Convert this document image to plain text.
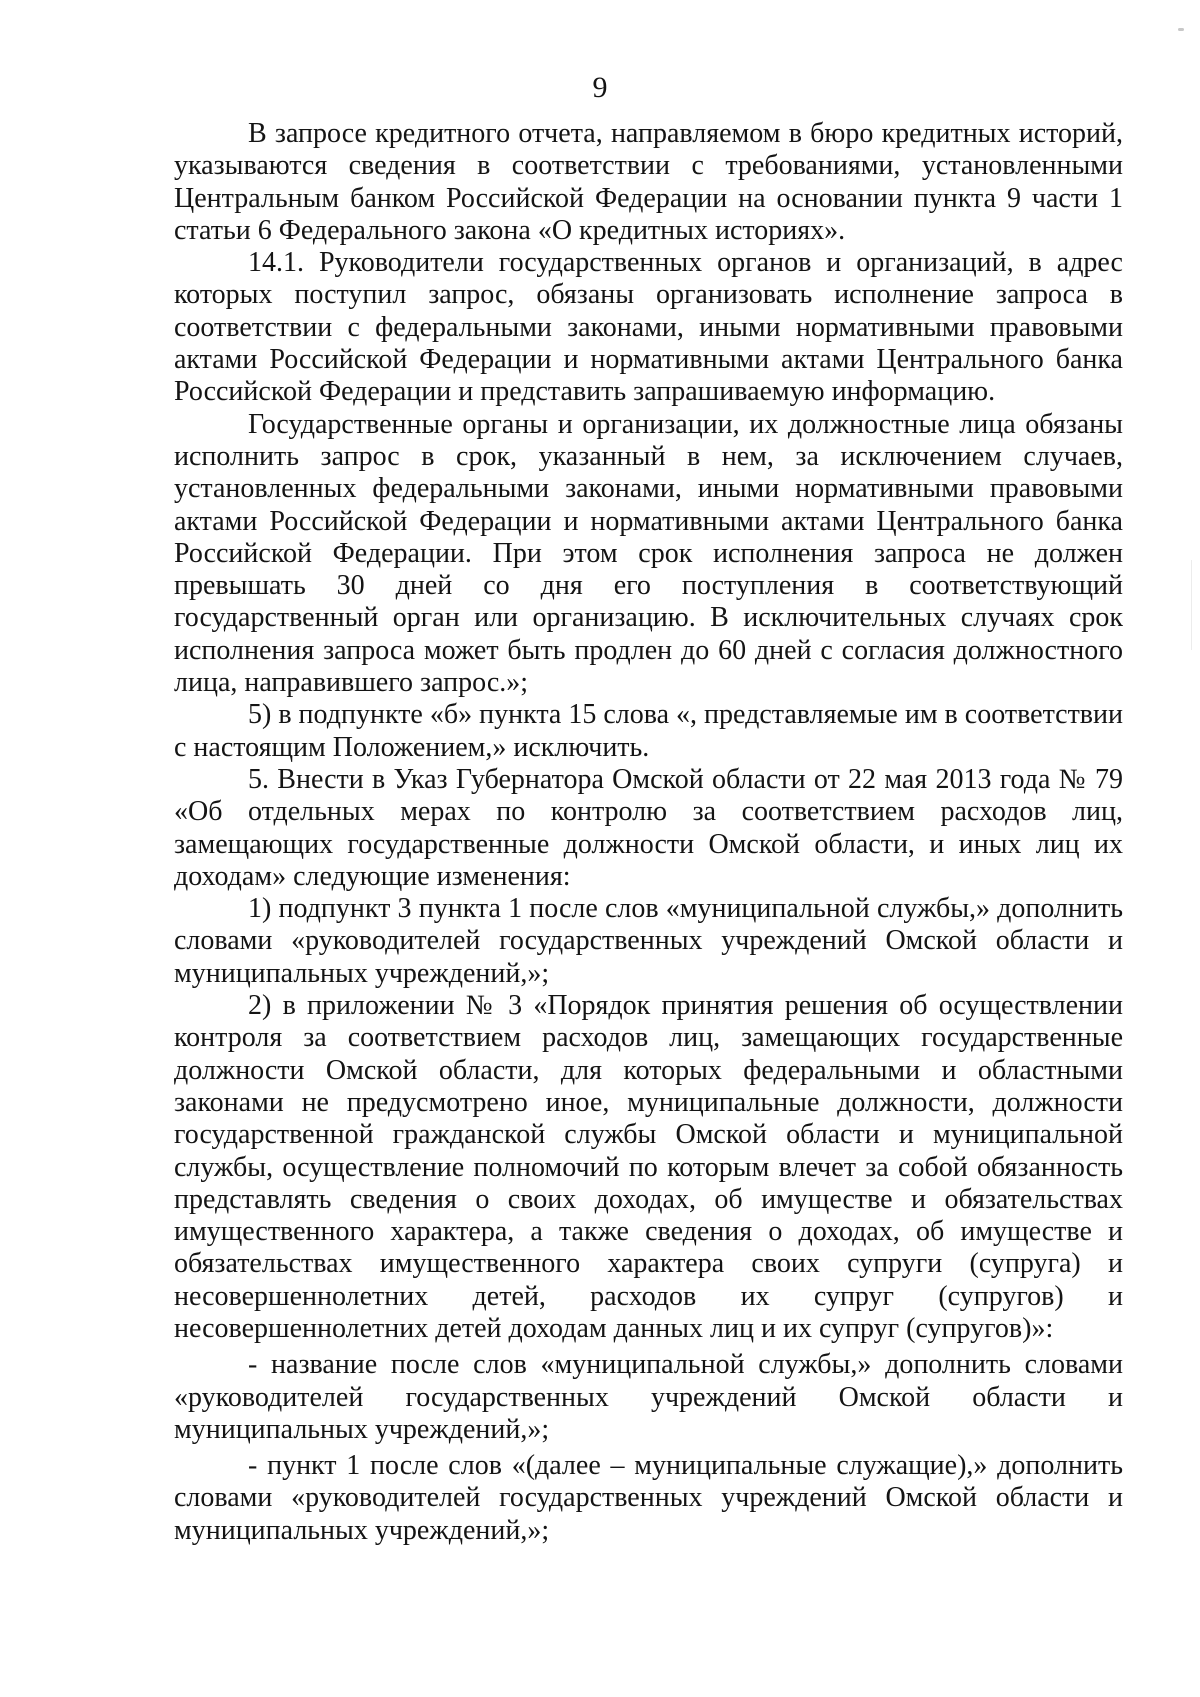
9

В запросе кредитного отчета, направляемом в бюро кредитных историй, указываются сведения в соответствии с требованиями, установленными Центральным банком Российской Федерации на основании пункта 9 части 1 статьи 6 Федерального закона «О кредитных историях».

14.1. Руководители государственных органов и организаций, в адрес которых поступил запрос, обязаны организовать исполнение запроса в соответствии с федеральными законами, иными нормативными правовыми актами Российской Федерации и нормативными актами Центрального банка Российской Федерации и представить запрашиваемую информацию.

Государственные органы и организации, их должностные лица обязаны исполнить запрос в срок, указанный в нем, за исключением случаев, установленных федеральными законами, иными нормативными правовыми актами Российской Федерации и нормативными актами Центрального банка Российской Федерации. При этом срок исполнения запроса не должен превышать 30 дней со дня его поступления в соответствующий государственный орган или организацию. В исключительных случаях срок исполнения запроса может быть продлен до 60 дней с согласия должностного лица, направившего запрос.»;

5) в подпункте «б» пункта 15 слова «, представляемые им в соответствии с настоящим Положением,» исключить.

5. Внести в Указ Губернатора Омской области от 22 мая 2013 года № 79 «Об отдельных мерах по контролю за соответствием расходов лиц, замещающих государственные должности Омской области, и иных лиц их доходам» следующие изменения:

1) подпункт 3 пункта 1 после слов «муниципальной службы,» дополнить словами «руководителей государственных учреждений Омской области и муниципальных учреждений,»;

2) в приложении № 3 «Порядок принятия решения об осуществлении контроля за соответствием расходов лиц, замещающих государственные должности Омской области, для которых федеральными и областными законами не предусмотрено иное, муниципальные должности, должности государственной гражданской службы Омской области и муниципальной службы, осуществление полномочий по которым влечет за собой обязанность представлять сведения о своих доходах, об имуществе и обязательствах имущественного характера, а также сведения о доходах, об имуществе и обязательствах имущественного характера своих супруги (супруга) и несовершеннолетних детей, расходов их супруг (супругов) и несовершеннолетних детей доходам данных лиц и их супруг (супругов)»:

- название после слов «муниципальной службы,» дополнить словами «руководителей государственных учреждений Омской области и муниципальных учреждений,»;

- пункт 1 после слов «(далее – муниципальные служащие),» дополнить словами «руководителей государственных учреждений Омской области и муниципальных учреждений,»;
